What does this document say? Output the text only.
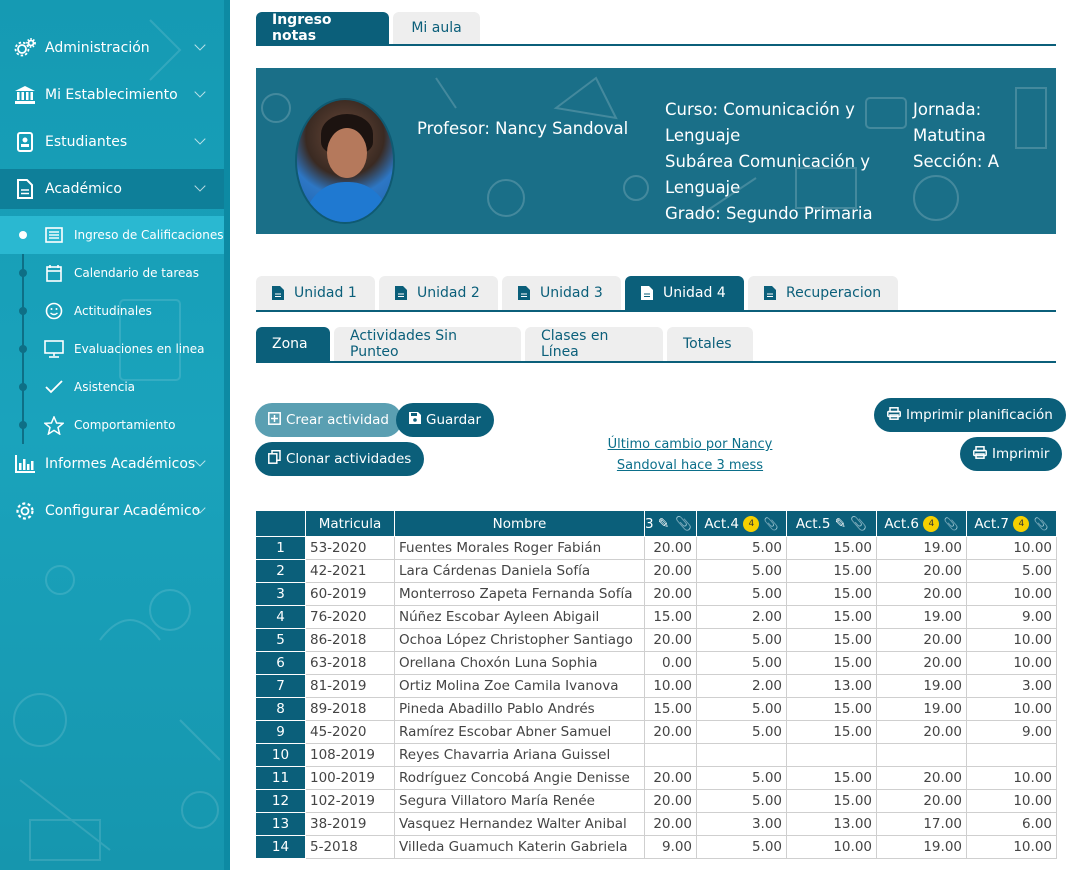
Administración
Mi Establecimiento
Estudiantes
Académico
Ingreso de Calificaciones
Calendario de tareas
Actitudinales
Evaluaciones en linea
Asistencia
Comportamiento
Informes Académicos
Configurar Académico
Ingreso notas	Mi aula
Profesor: Nancy Sandoval
Curso: Comunicación y Lenguaje
Subárea Comunicación y Lenguaje
Grado: Segundo Primaria
Jornada: Matutina
Sección: A
Unidad 1	Unidad 2	Unidad 3	Unidad 4	Recuperacion
Zona	Actividades Sin Punteo
Clases en Línea	Totales
Crear actividad	Guardar
Clonar actividades
Último cambio por Nancy Sandoval hace 3 mess
Imprimir planificación
Imprimir
	Matricula	Nombre	3 ✎ 📎	Act.4 4 📎	Act.5 ✎ 📎	Act.6 4 📎	Act.7 4 📎
1	53-2020	Fuentes Morales Roger Fabián	20.00	5.00	15.00	19.00	10.00
2	42-2021	Lara Cárdenas Daniela Sofía	20.00	5.00	15.00	20.00	5.00
3	60-2019	Monterroso Zapeta Fernanda Sofía	20.00	5.00	15.00	20.00	10.00
4	76-2020	Núñez Escobar Ayleen Abigail	15.00	2.00	15.00	19.00	9.00
5	86-2018	Ochoa López Christopher Santiago	20.00	5.00	15.00	20.00	10.00
6	63-2018	Orellana Choxón Luna Sophia	0.00	5.00	15.00	20.00	10.00
7	81-2019	Ortiz Molina Zoe Camila Ivanova	10.00	2.00	13.00	19.00	3.00
8	89-2018	Pineda Abadillo Pablo Andrés	15.00	5.00	15.00	19.00	10.00
9	45-2020	Ramírez Escobar Abner Samuel	20.00	5.00	15.00	20.00	9.00
10	108-2019	Reyes Chavarria Ariana Guissel					
11	100-2019	Rodríguez Concobá Angie Denisse	20.00	5.00	15.00	20.00	10.00
12	102-2019	Segura Villatoro María Renée	20.00	5.00	15.00	20.00	10.00
13	38-2019	Vasquez Hernandez Walter Anibal	20.00	3.00	13.00	17.00	6.00
14	5-2018	Villeda Guamuch Katerin Gabriela	9.00	5.00	10.00	19.00	10.00
